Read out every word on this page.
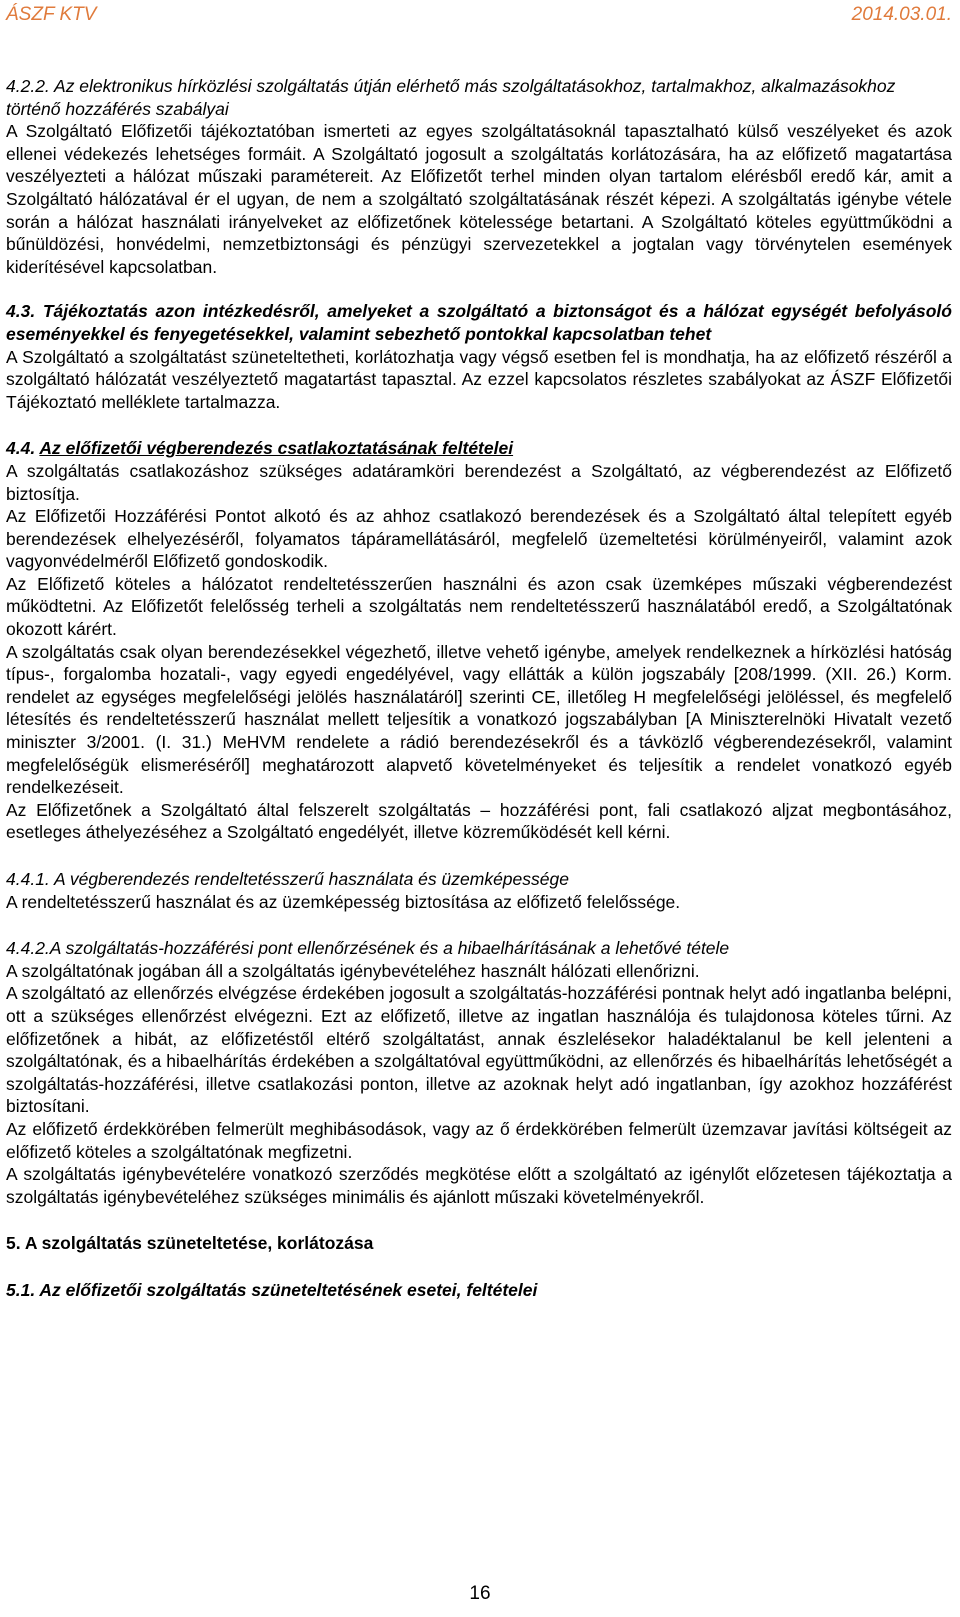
ÁSZF KTV	2014.03.01.

4.2.2. Az elektronikus hírközlési szolgáltatás útján elérhető más szolgáltatásokhoz, tartalmakhoz, alkalmazásokhoz történő hozzáférés szabályai

A Szolgáltató Előfizetői tájékoztatóban ismerteti az egyes szolgáltatásoknál tapasztalható külső veszélyeket és azok ellenei védekezés lehetséges formáit. A Szolgáltató jogosult a szolgáltatás korlátozására, ha az előfizető magatartása veszélyezteti a hálózat műszaki paramétereit. Az Előfizetőt terhel minden olyan tartalom elérésből eredő kár, amit a Szolgáltató hálózatával ér el ugyan, de nem a szolgáltató szolgáltatásának részét képezi. A szolgáltatás igénybe vétele során a hálózat használati irányelveket az előfizetőnek kötelessége betartani. A Szolgáltató köteles együttműködni a bűnüldözési, honvédelmi, nemzetbiztonsági és pénzügyi szervezetekkel a jogtalan vagy törvénytelen események kiderítésével kapcsolatban.

4.3. Tájékoztatás azon intézkedésről, amelyeket a szolgáltató a biztonságot és a hálózat egységét befolyásoló eseményekkel és fenyegetésekkel, valamint sebezhető pontokkal kapcsolatban tehet

A Szolgáltató a szolgáltatást szüneteltetheti, korlátozhatja vagy végső esetben fel is mondhatja, ha az előfizető részéről a szolgáltató hálózatát veszélyeztető magatartást tapasztal. Az ezzel kapcsolatos részletes szabályokat az ÁSZF Előfizetői Tájékoztató melléklete tartalmazza.

4.4. Az előfizetői végberendezés csatlakoztatásának feltételei

A szolgáltatás csatlakozáshoz szükséges adatáramköri berendezést a Szolgáltató, az végberendezést az Előfizető biztosítja.

Az Előfizetői Hozzáférési Pontot alkotó és az ahhoz csatlakozó berendezések és a Szolgáltató által telepített egyéb berendezések elhelyezéséről, folyamatos tápáramellátásáról, megfelelő üzemeltetési körülményeiről, valamint azok vagyonvédelméről Előfizető gondoskodik.

Az Előfizető köteles a hálózatot rendeltetésszerűen használni és azon csak üzemképes műszaki végberendezést működtetni. Az Előfizetőt felelősség terheli a szolgáltatás nem rendeltetésszerű használatából eredő, a Szolgáltatónak okozott kárért.

A szolgáltatás csak olyan berendezésekkel végezhető, illetve vehető igénybe, amelyek rendelkeznek a hírközlési hatóság típus-, forgalomba hozatali-, vagy egyedi engedélyével, vagy ellátták a külön jogszabály [208/1999. (XII. 26.) Korm. rendelet az egységes megfelelőségi jelölés használatáról] szerinti CE, illetőleg H megfelelőségi jelöléssel, és megfelelő létesítés és rendeltetésszerű használat mellett teljesítik a vonatkozó jogszabályban [A Miniszterelnöki Hivatalt vezető miniszter 3/2001. (I. 31.) MeHVM rendelete a rádió berendezésekről és a távközlő végberendezésekről, valamint megfelelőségük elismeréséről] meghatározott alapvető követelményeket és teljesítik a rendelet vonatkozó egyéb rendelkezéseit.

Az Előfizetőnek a Szolgáltató által felszerelt szolgáltatás – hozzáférési pont, fali csatlakozó aljzat megbontásához, esetleges áthelyezéséhez a Szolgáltató engedélyét, illetve közreműködését kell kérni.

4.4.1. A végberendezés rendeltetésszerű használata és üzemképessége

A rendeltetésszerű használat és az üzemképesség biztosítása az előfizető felelőssége.

4.4.2.A szolgáltatás-hozzáférési pont ellenőrzésének és a hibaelhárításának a lehetővé tétele

A szolgáltatónak jogában áll a szolgáltatás igénybevételéhez használt hálózati ellenőrizni.

A szolgáltató az ellenőrzés elvégzése érdekében jogosult a szolgáltatás-hozzáférési pontnak helyt adó ingatlanba belépni, ott a szükséges ellenőrzést elvégezni. Ezt az előfizető, illetve az ingatlan használója és tulajdonosa köteles tűrni. Az előfizetőnek a hibát, az előfizetéstől eltérő szolgáltatást, annak észlelésekor haladéktalanul be kell jelenteni a szolgáltatónak, és a hibaelhárítás érdekében a szolgáltatóval együttműködni, az ellenőrzés és hibaelhárítás lehetőségét a szolgáltatás-hozzáférési, illetve csatlakozási ponton, illetve az azoknak helyt adó ingatlanban, így azokhoz hozzáférést biztosítani.

Az előfizető érdekkörében felmerült meghibásodások, vagy az ő érdekkörében felmerült üzemzavar javítási költségeit az előfizető köteles a szolgáltatónak megfizetni.

A szolgáltatás igénybevételére vonatkozó szerződés megkötése előtt a szolgáltató az igénylőt előzetesen tájékoztatja a szolgáltatás igénybevételéhez szükséges minimális és ajánlott műszaki követelményekről.

5. A szolgáltatás szüneteltetése, korlátozása

5.1. Az előfizetői szolgáltatás szüneteltetésének esetei, feltételei

16
